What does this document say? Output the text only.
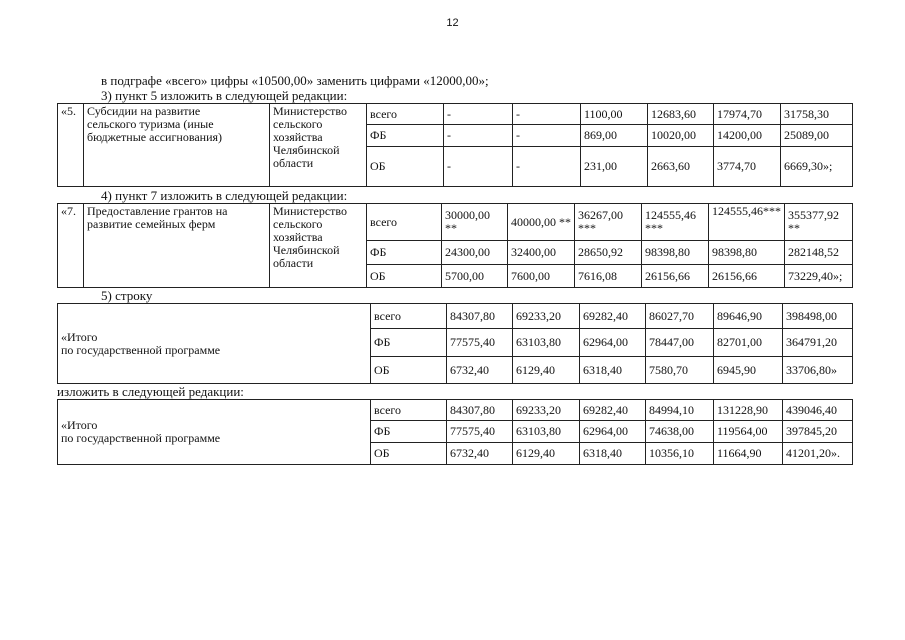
12
в подграфе «всего» цифры «10500,00» заменить цифрами «12000,00»;
3) пункт 5 изложить в следующей редакции:
«5.	Субсидии на развитие
сельского туризма (иные
бюджетные ассигнования)	Министерство сельского хозяйства Челябинской области	всего	-	-	1100,00	12683,60	17974,70	31758,30
			ФБ	-	-	869,00	10020,00	14200,00	25089,00
			ОБ	-	-	231,00	2663,60	3774,70	6669,30»;
4) пункт 7 изложить в следующей редакции:
«7.	Предоставление грантов на
развитие семейных ферм	Министерство сельского хозяйства Челябинской области	всего	30000,00 **	40000,00 **	36267,00 ***	124555,46 ***	124555,46***	355377,92 **
			ФБ	24300,00	32400,00	28650,92	98398,80	98398,80	282148,52
			ОБ	5700,00	7600,00	7616,08	26156,66	26156,66	73229,40»;
5) строку
«Итого
по государственной программе	всего	84307,80	69233,20	69282,40	86027,70	89646,90	398498,00
	ФБ	77575,40	63103,80	62964,00	78447,00	82701,00	364791,20
	ОБ	6732,40	6129,40	6318,40	7580,70	6945,90	33706,80»
изложить в следующей редакции:
«Итого
по государственной программе	всего	84307,80	69233,20	69282,40	84994,10	131228,90	439046,40
	ФБ	77575,40	63103,80	62964,00	74638,00	119564,00	397845,20
	ОБ	6732,40	6129,40	6318,40	10356,10	11664,90	41201,20».
